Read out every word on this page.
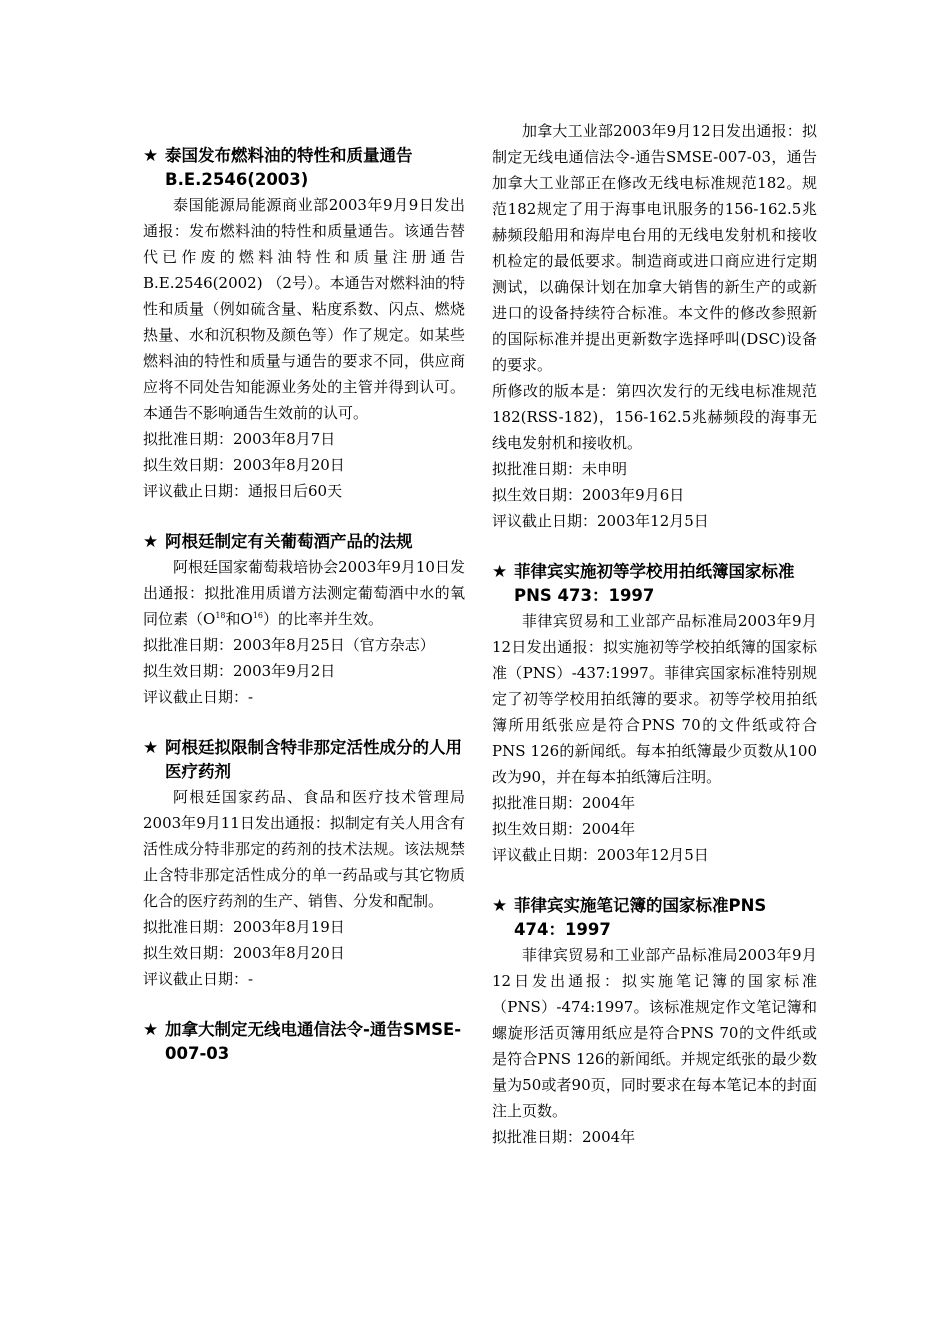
★ 泰国发布燃料油的特性和质量通告B.E.2546(2003)

泰国能源局能源商业部2003年9月9日发出通报：发布燃料油的特性和质量通告。该通告替代已作废的燃料油特性和质量注册通告B.E.2546(2002) （2号）。本通告对燃料油的特性和质量（例如硫含量、粘度系数、闪点、燃烧热量、水和沉积物及颜色等）作了规定。如某些燃料油的特性和质量与通告的要求不同，供应商应将不同处告知能源业务处的主管并得到认可。本通告不影响通告生效前的认可。

拟批准日期：2003年8月7日

拟生效日期：2003年8月20日

评议截止日期：通报日后60天

★ 阿根廷制定有关葡萄酒产品的法规

阿根廷国家葡萄栽培协会2003年9月10日发出通报：拟批准用质谱方法测定葡萄酒中水的氧同位素（$O^{18}$和$O^{16}$）的比率并生效。

拟批准日期：2003年8月25日（官方杂志）

拟生效日期：2003年9月2日

评议截止日期：-

★ 阿根廷拟限制含特非那定活性成分的人用医疗药剂

阿根廷国家药品、食品和医疗技术管理局2003年9月11日发出通报：拟制定有关人用含有活性成分特非那定的药剂的技术法规。该法规禁止含特非那定活性成分的单一药品或与其它物质化合的医疗药剂的生产、销售、分发和配制。

拟批准日期：2003年8月19日

拟生效日期：2003年8月20日

评议截止日期：-

★ 加拿大制定无线电通信法令-通告SMSE-007-03

加拿大工业部2003年9月12日发出通报：拟制定无线电通信法令-通告SMSE-007-03，通告加拿大工业部正在修改无线电标准规范182。规范182规定了用于海事电讯服务的156-162.5兆赫频段船用和海岸电台用的无线电发射机和接收机检定的最低要求。制造商或进口商应进行定期测试，以确保计划在加拿大销售的新生产的或新进口的设备持续符合标准。本文件的修改参照新的国际标准并提出更新数字选择呼叫(DSC)设备的要求。

所修改的版本是：第四次发行的无线电标准规范182(RSS-182)，156-162.5兆赫频段的海事无线电发射机和接收机。

拟批准日期：未申明

拟生效日期：2003年9月6日

评议截止日期：2003年12月5日

★ 菲律宾实施初等学校用拍纸簿国家标准PNS 473：1997

菲律宾贸易和工业部产品标准局2003年9月12日发出通报：拟实施初等学校拍纸簿的国家标准（PNS）-437:1997。菲律宾国家标准特别规定了初等学校用拍纸簿的要求。初等学校用拍纸簿所用纸张应是符合PNS 70的文件纸或符合PNS 126的新闻纸。每本拍纸簿最少页数从100改为90，并在每本拍纸簿后注明。

拟批准日期：2004年

拟生效日期：2004年

评议截止日期：2003年12月5日

★ 菲律宾实施笔记簿的国家标准PNS 474：1997

菲律宾贸易和工业部产品标准局2003年9月12日发出通报：拟实施笔记簿的国家标准（PNS）-474:1997。该标准规定作文笔记簿和螺旋形活页簿用纸应是符合PNS 70的文件纸或是符合PNS 126的新闻纸。并规定纸张的最少数量为50或者90页，同时要求在每本笔记本的封面注上页数。

拟批准日期：2004年
